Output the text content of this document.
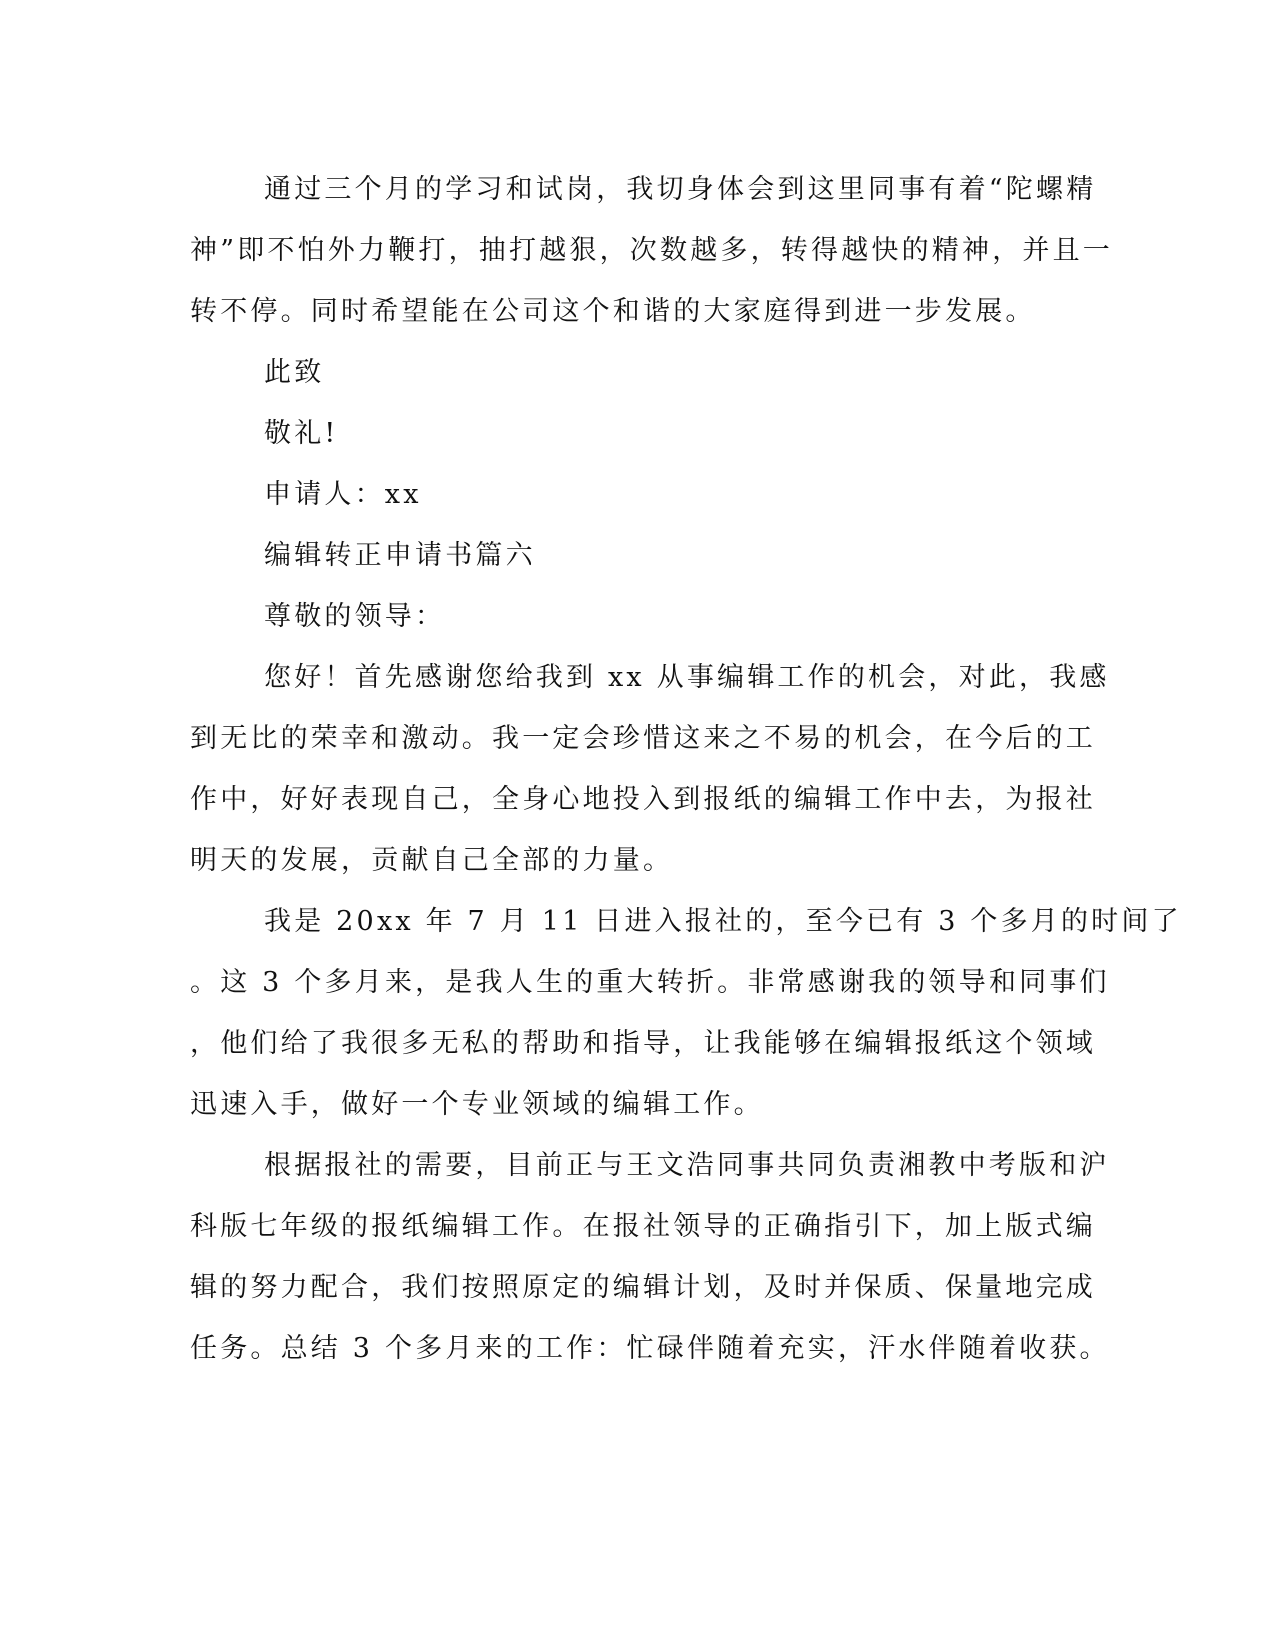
通过三个月的学习和试岗，我切身体会到这里同事有着“陀螺精
神”即不怕外力鞭打，抽打越狠，次数越多，转得越快的精神，并且一
转不停。同时希望能在公司这个和谐的大家庭得到进一步发展。
此致
敬礼!
申请人：xx
编辑转正申请书篇六
尊敬的领导：
您好！首先感谢您给我到 xx 从事编辑工作的机会，对此，我感
到无比的荣幸和激动。我一定会珍惜这来之不易的机会，在今后的工
作中，好好表现自己，全身心地投入到报纸的编辑工作中去，为报社
明天的发展，贡献自己全部的力量。
我是 20xx 年 7 月 11 日进入报社的，至今已有 3 个多月的时间了
。这 3 个多月来，是我人生的重大转折。非常感谢我的领导和同事们
，他们给了我很多无私的帮助和指导，让我能够在编辑报纸这个领域
迅速入手，做好一个专业领域的编辑工作。
根据报社的需要，目前正与王文浩同事共同负责湘教中考版和沪
科版七年级的报纸编辑工作。在报社领导的正确指引下，加上版式编
辑的努力配合，我们按照原定的编辑计划，及时并保质、保量地完成
任务。总结 3 个多月来的工作：忙碌伴随着充实，汗水伴随着收获。
